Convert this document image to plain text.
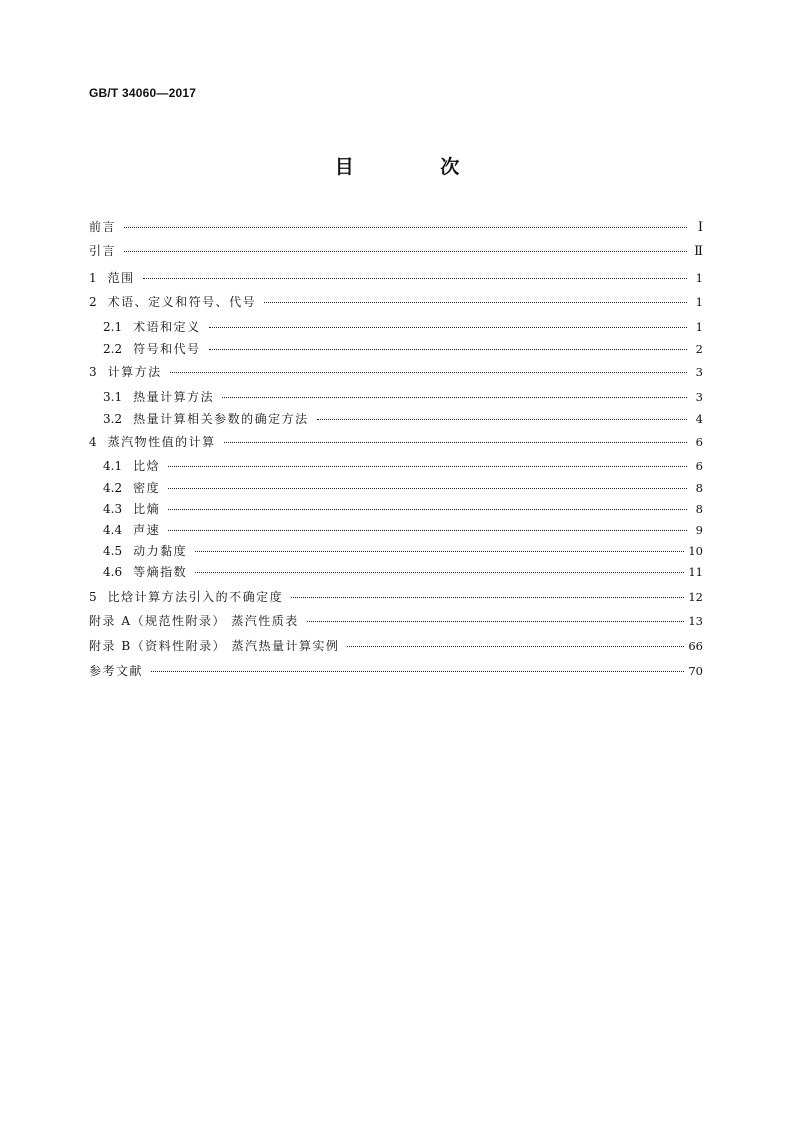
GB/T 34060—2017
目 次
前言	Ⅰ
引言	Ⅱ
1 范围	1
2 术语、定义和符号、代号	1
2.1 术语和定义	1
2.2 符号和代号	2
3 计算方法	3
3.1 热量计算方法	3
3.2 热量计算相关参数的确定方法	4
4 蒸汽物性值的计算	6
4.1 比焓	6
4.2 密度	8
4.3 比熵	8
4.4 声速	9
4.5 动力黏度	10
4.6 等熵指数	11
5 比焓计算方法引入的不确定度	12
附录 A（规范性附录） 蒸汽性质表	13
附录 B（资料性附录） 蒸汽热量计算实例	66
参考文献	70
